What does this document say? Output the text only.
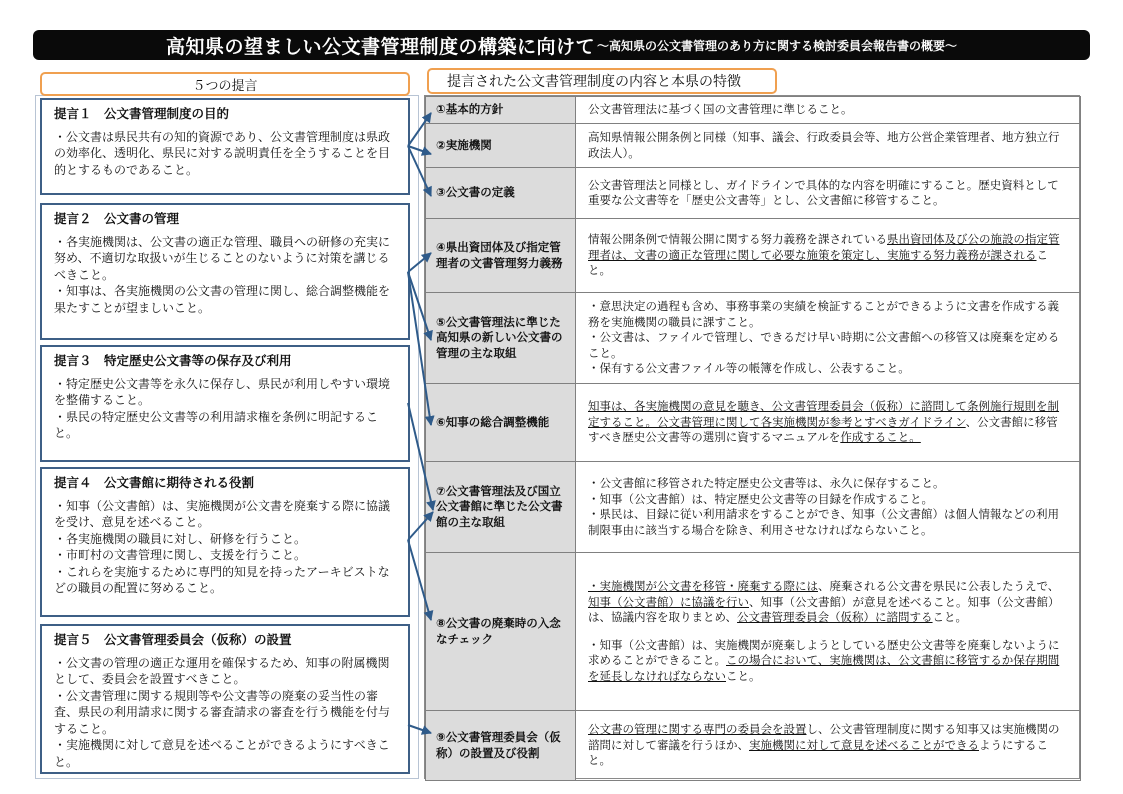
高知県の望ましい公文書管理制度の構築に向けて ～高知県の公文書管理のあり方に関する検討委員会報告書の概要～
５つの提言	提言された公文書管理制度の内容と本県の特徴
提言１　公文書管理制度の目的
・公文書は県民共有の知的資源であり、公文書管理制度は県政の効率化、透明化、県民に対する説明責任を全うすることを目的とするものであること。
提言２　公文書の管理
・各実施機関は、公文書の適正な管理、職員への研修の充実に努め、不適切な取扱いが生じることのないように対策を講じるべきこと。
・知事は、各実施機関の公文書の管理に関し、総合調整機能を果たすことが望ましいこと。
提言３　特定歴史公文書等の保存及び利用
・特定歴史公文書等を永久に保存し、県民が利用しやすい環境を整備すること。
・県民の特定歴史公文書等の利用請求権を条例に明記すること。
提言４　公文書館に期待される役割
・知事（公文書館）は、実施機関が公文書を廃棄する際に協議を受け、意見を述べること。
・各実施機関の職員に対し、研修を行うこと。
・市町村の文書管理に関し、支援を行うこと。
・これらを実施するために専門的知見を持ったアーキビストなどの職員の配置に努めること。
提言５　公文書管理委員会（仮称）の設置
・公文書の管理の適正な運用を確保するため、知事の附属機関として、委員会を設置すべきこと。
・公文書管理に関する規則等や公文書等の廃棄の妥当性の審査、県民の利用請求に関する審査請求の審査を行う機能を付与すること。
・実施機関に対して意見を述べることができるようにすべきこと。
①基本的方針	公文書管理法に基づく国の文書管理に準じること。

②実施機関	高知県情報公開条例と同様（知事、議会、行政委員会等、地方公営企業管理者、地方独立行政法人）。

③公文書の定義	公文書管理法と同様とし、ガイドラインで具体的な内容を明確にすること。歴史資料として重要な公文書等を「歴史公文書等」とし、公文書館に移管すること。

④県出資団体及び指定管理者の文書管理努力義務	情報公開条例で情報公開に関する努力義務を課されている県出資団体及び公の施設の指定管理者は、文書の適正な管理に関して必要な施策を策定し、実施する努力義務が課されること。

⑤公文書管理法に準じた高知県の新しい公文書の管理の主な取組	・意思決定の過程も含め、事務事業の実績を検証することができるように文書を作成する義務を実施機関の職員に課すこと。
・公文書は、ファイルで管理し、できるだけ早い時期に公文書館への移管又は廃棄を定めること。
・保有する公文書ファイル等の帳簿を作成し、公表すること。

⑥知事の総合調整機能	知事は、各実施機関の意見を聴き、公文書管理委員会（仮称）に諮問して条例施行規則を制定すること。公文書管理に関して各実施機関が参考とすべきガイドライン、公文書館に移管すべき歴史公文書等の選別に資するマニュアルを作成すること。

⑦公文書管理法及び国立公文書館に準じた公文書館の主な取組	・公文書館に移管された特定歴史公文書等は、永久に保存すること。
・知事（公文書館）は、特定歴史公文書等の目録を作成すること。
・県民は、目録に従い利用請求をすることができ、知事（公文書館）は個人情報などの利用制限事由に該当する場合を除き、利用させなければならないこと。

⑧公文書の廃棄時の入念なチェック	・実施機関が公文書を移管・廃棄する際には、廃棄される公文書を県民に公表したうえで、知事（公文書館）に協議を行い、知事（公文書館）が意見を述べること。知事（公文書館）は、協議内容を取りまとめ、公文書管理委員会（仮称）に諮問すること。
・知事（公文書館）は、実施機関が廃棄しようとしている歴史公文書等を廃棄しないように求めることができること。この場合において、実施機関は、公文書館に移管するか保存期間を延長しなければならないこと。

⑨公文書管理委員会（仮称）の設置及び役割	公文書の管理に関する専門の委員会を設置し、公文書管理制度に関する知事又は実施機関の諮問に対して審議を行うほか、実施機関に対して意見を述べることができるようにすること。
